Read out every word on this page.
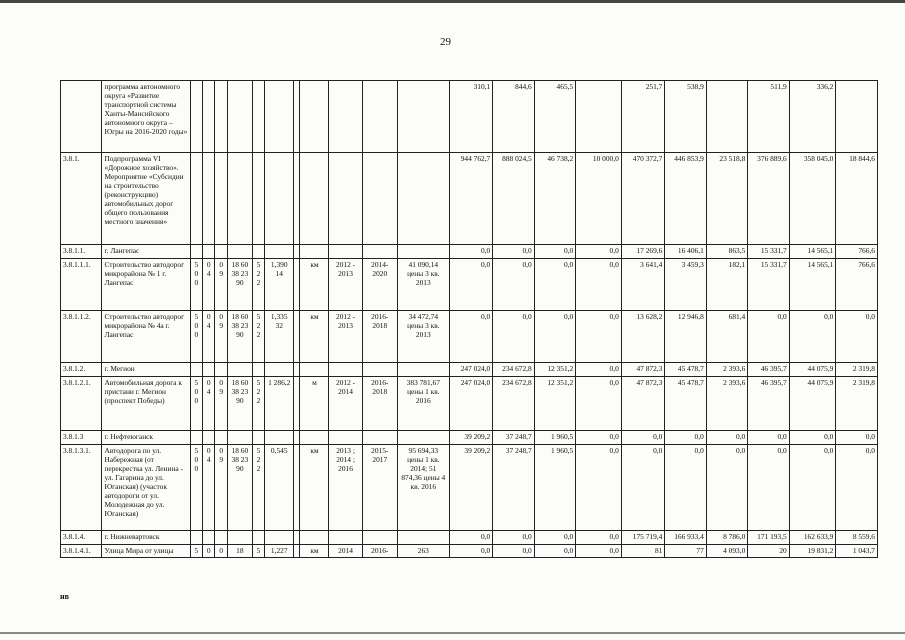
29
	программа автономного округа «Развитие транспортной системы Ханты-Мансийского автономного округа – Югры на 2016-2020 годы»												310,1	844,6	465,5		251,7	538,9		511,9	336,2	
3.8.1.	Подпрограмма VI «Дорожное хозяйство». Мероприятие «Субсидии на строительство (реконструкцию) автомобильных дорог общего пользования местного значения»												944 762,7	888 024,5	46 738,2	10 000,0	470 372,7	446 853,9	23 518,8	376 889,6	358 045,0	18 844,6
3.8.1.1.	г. Лангепас												0,0	0,0	0,0	0,0	17 269,6	16 406,1	863,5	15 331,7	14 565,1	766,6
3.8.1.1.1.	Строительство автодорог микрорайона № 1 г. Лангепас	5 0 0	0 4	0 9	18 60 38 23 90	5 2 2	1,390 14		км	2012 - 2013	2014-2020	41 090,14 цены 3 кв. 2013	0,0	0,0	0,0	0,0	3 641,4	3 459,3	182,1	15 331,7	14 565,1	766,6
3.8.1.1.2.	Строительство автодорог микрорайона № 4а г. Лангепас	5 0 0	0 4	0 9	18 60 38 23 90	5 2 2	1,335 32		км	2012 - 2013	2016-2018	34 472,74 цены 3 кв. 2013	0,0	0,0	0,0	0,0	13 628,2	12 946,8	681,4	0,0	0,0	0,0
3.8.1.2.	г. Мегион												247 024,0	234 672,8	12 351,2	0,0	47 872,3	45 478,7	2 393,6	46 395,7	44 075,9	2 319,8
3.8.1.2.1.	Автомобильная дорога к пристани г. Мегион (проспект Победы)	5 0 0	0 4	0 9	18 60 38 23 90	5 2 2	1 286,2		м	2012 - 2014	2016-2018	383 781,67 цены 1 кв. 2016	247 024,0	234 672,8	12 351,2	0,0	47 872,3	45 478,7	2 393,6	46 395,7	44 075,9	2 319,8
3.8.1.3	г. Нефтеюганск												39 209,2	37 248,7	1 960,5	0,0	0,0	0,0	0,0	0,0	0,0	0,0
3.8.1.3.1.	Автодорога по ул. Набережная (от перекрестка ул. Ленина - ул. Гагарина до ул. Юганская) (участок автодороги от ул. Молодежная до ул. Юганская)	5 0 0	0 4	0 9	18 60 38 23 90	5 2 2	0,545		км	2013 ; 2014 ; 2016	2015-2017	95 694,33 цены 1 кв. 2014; 51 874,36 цены 4 кв. 2016	39 209,2	37 248,7	1 960,5	0,0	0,0	0,0	0,0	0,0	0,0	0,0
3.8.1.4.	г. Нижневартовск												0,0	0,0	0,0	0,0	175 719,4	166 933,4	8 786,0	171 193,5	162 633,9	8 559,6
3.8.1.4.1.	Улица Мира от улицы	5	0	0	18	5	1,227		км	2014	2016-	263	0,0	0,0	0,0	0,0	81	77	4 093,0	20	19 831,2	1 043,7
нв
